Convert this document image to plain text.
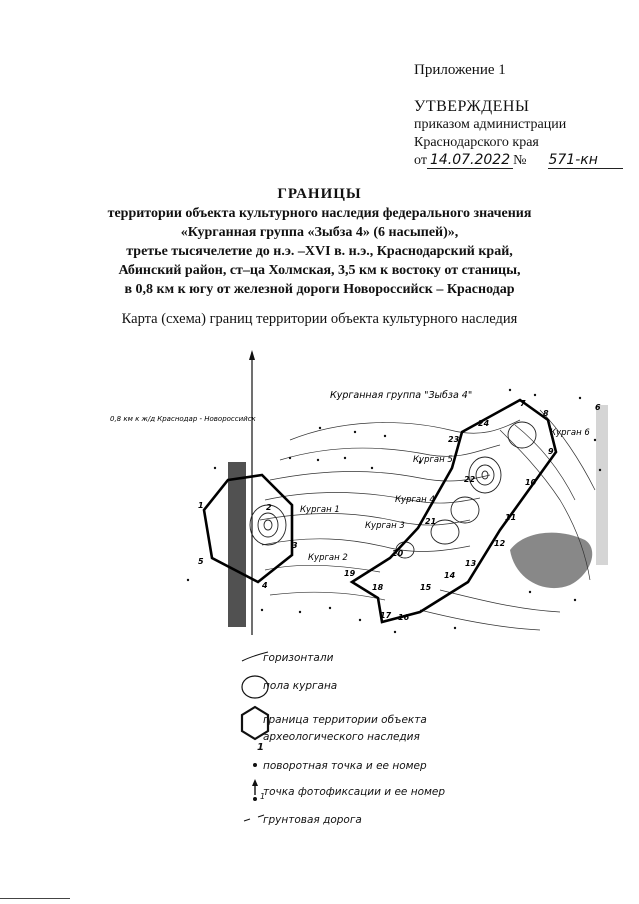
Приложение 1
УТВЕРЖДЕНЫ
приказом администрации
Краснодарского края
от 14.07.2022 № 571-кн
ГРАНИЦЫ
территории объекта культурного наследия федерального значения
«Курганная группа «Зыбза 4» (6 насыпей)»,
третье тысячелетие до н.э. –XVI в. н.э., Краснодарский край,
Абинский район, ст–ца Холмская, 3,5 км к востоку от станицы,
в 0,8 км к югу от железной дороги Новороссийск – Краснодар
Карта (схема) границ территории объекта культурного наследия
0,8 км к ж/д Краснодар - Новороссийск
Курганная группа "Зыбза 4"
Курган 1
Курган 2
Курган 3
Курган 4
Курган 5
Курган 6
1	2
3
4
5
6
7
8
9
10
11
12
13
14
15
16
17
18
19
20
21
22
23
24
1
1
горизонтали
пола кургана
граница территории объекта
археологического наследия
поворотная точка и ее номер
точка фотофиксации и ее номер
грунтовая дорога
